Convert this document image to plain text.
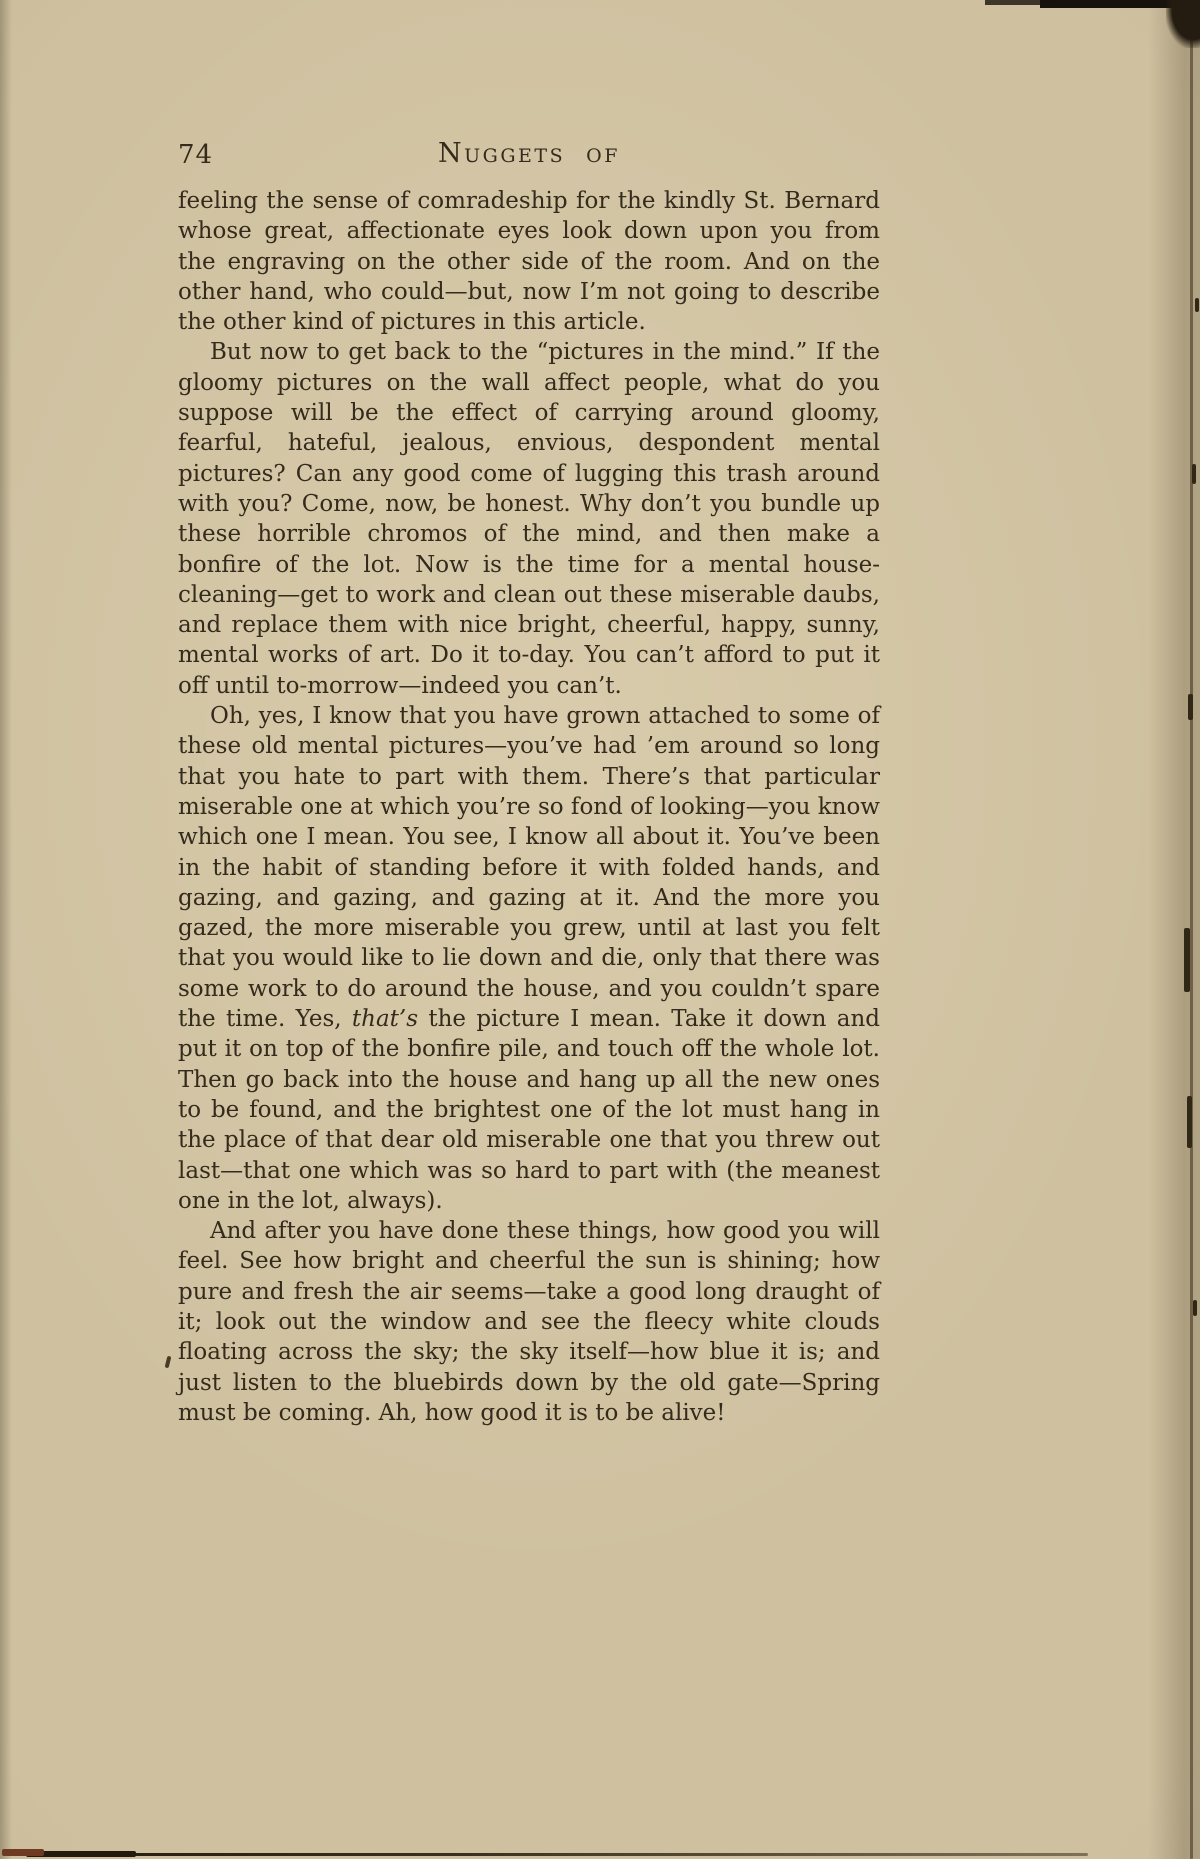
74	Nuggets of

feeling the sense of comradeship for the kindly St. Bernard whose great, affectionate eyes look down upon you from the engraving on the other side of the room. And on the other hand, who could—but, now I’m not going to describe the other kind of pictures in this article.

But now to get back to the “pictures in the mind.” If the gloomy pictures on the wall affect people, what do you suppose will be the effect of carrying around gloomy, fearful, hateful, jealous, envious, despondent mental pictures? Can any good come of lugging this trash around with you? Come, now, be honest. Why don’t you bundle up these horrible chromos of the mind, and then make a bonfire of the lot. Now is the time for a mental house-cleaning—get to work and clean out these miserable daubs, and replace them with nice bright, cheerful, happy, sunny, mental works of art. Do it to-day. You can’t afford to put it off until to-morrow—indeed you can’t.

Oh, yes, I know that you have grown attached to some of these old mental pictures—you’ve had ’em around so long that you hate to part with them. There’s that particular miserable one at which you’re so fond of looking—you know which one I mean. You see, I know all about it. You’ve been in the habit of standing before it with folded hands, and gazing, and gazing, and gazing at it. And the more you gazed, the more miserable you grew, until at last you felt that you would like to lie down and die, only that there was some work to do around the house, and you couldn’t spare the time. Yes, that’s the picture I mean. Take it down and put it on top of the bonfire pile, and touch off the whole lot. Then go back into the house and hang up all the new ones to be found, and the brightest one of the lot must hang in the place of that dear old miserable one that you threw out last—that one which was so hard to part with (the meanest one in the lot, always).

And after you have done these things, how good you will feel. See how bright and cheerful the sun is shining; how pure and fresh the air seems—take a good long draught of it; look out the window and see the fleecy white clouds floating across the sky; the sky itself—how blue it is; and just listen to the bluebirds down by the old gate—Spring must be coming. Ah, how good it is to be alive!
